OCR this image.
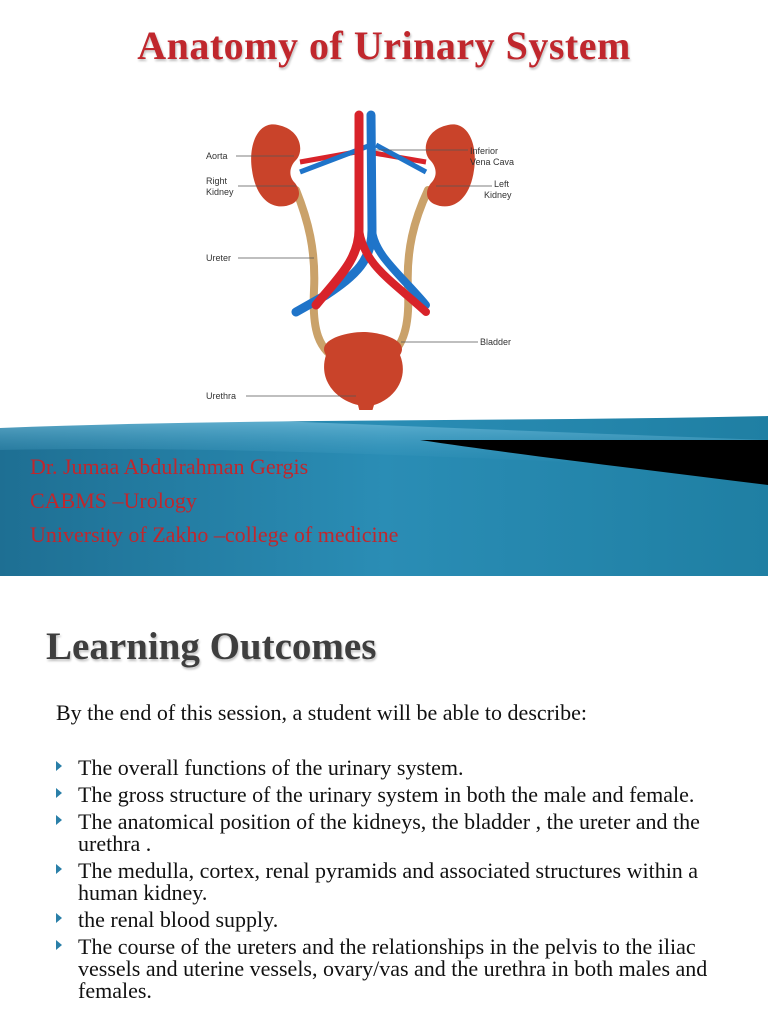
Anatomy of Urinary System
Aorta
Right
Kidney
Ureter
Urethra
Inferior
Vena Cava
Left
Kidney
Bladder
Dr. Jumaa Abdulrahman Gergis
CABMS –Urology
University of Zakho –college of medicine
Learning Outcomes
By the end of this session, a student will be able to describe:
The overall functions of the urinary system.
The gross structure of the urinary system in both the male and female.
The anatomical position of the kidneys, the bladder , the ureter and the urethra .
The medulla, cortex, renal pyramids and associated structures within a human kidney.
the renal blood supply.
The course of the ureters and the relationships in the pelvis to the iliac vessels and uterine vessels, ovary/vas and the urethra in both males and females.
